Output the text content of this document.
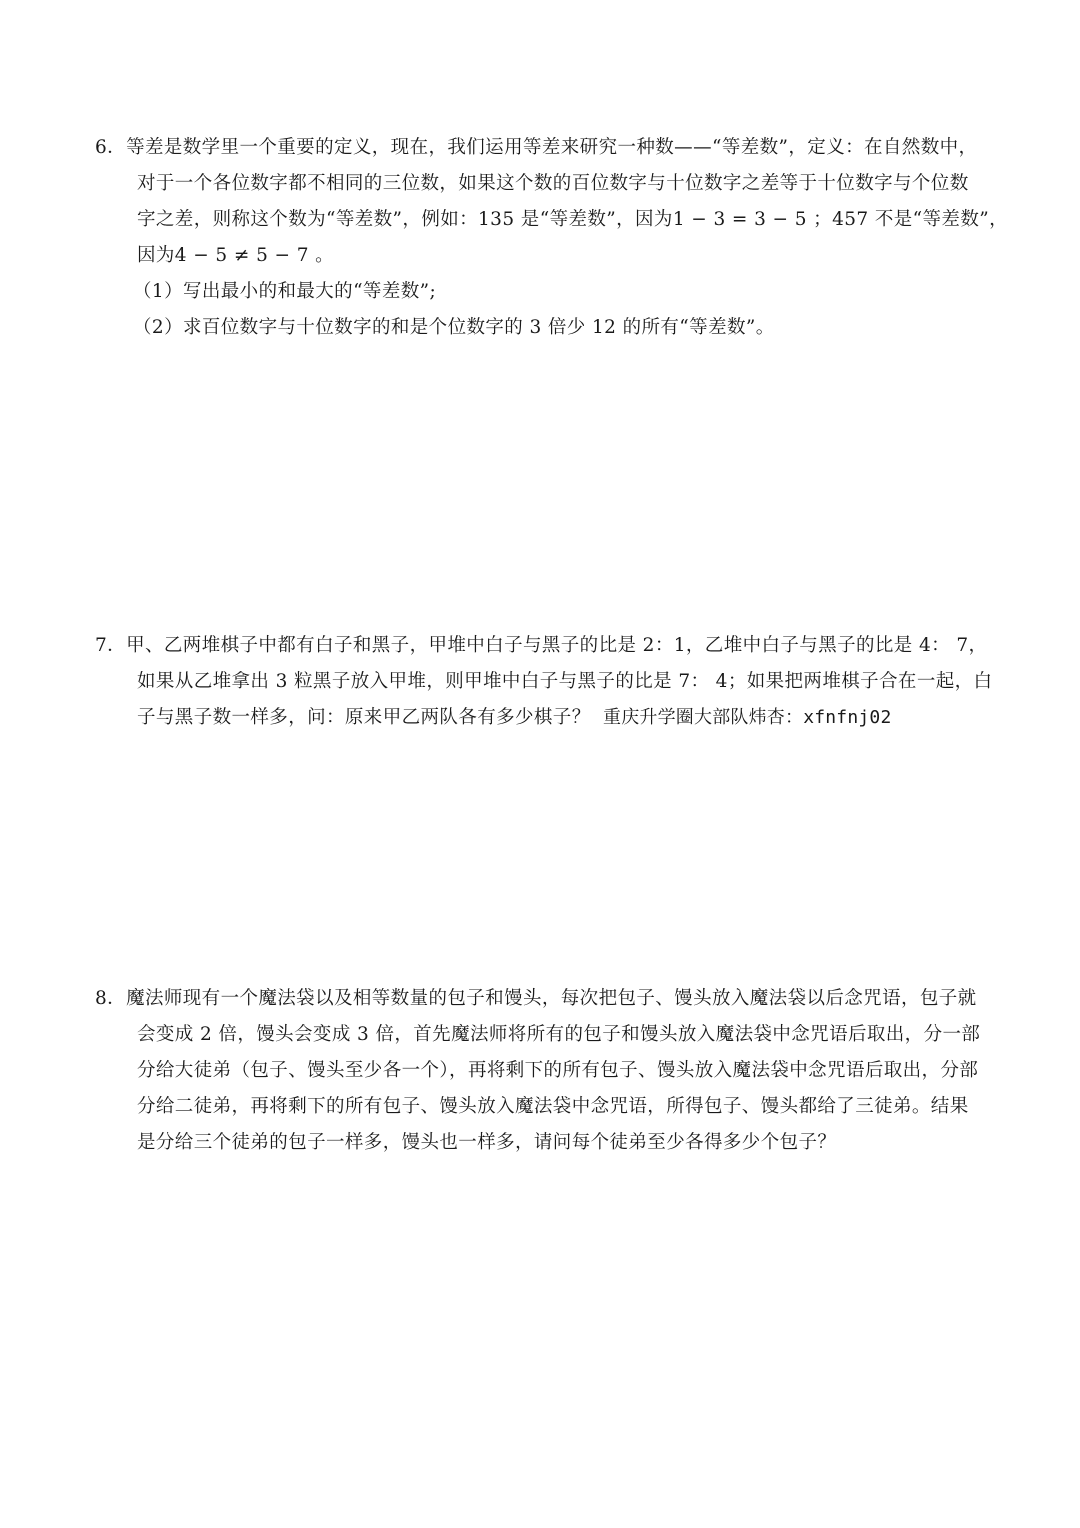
6．等差是数学里一个重要的定义，现在，我们运用等差来研究一种数——“等差数”，定义：在自然数中，
对于一个各位数字都不相同的三位数，如果这个数的百位数字与十位数字之差等于十位数字与个位数
字之差，则称这个数为“等差数”，例如：135 是“等差数”，因为1 − 3 = 3 − 5 ；457 不是“等差数”，
因为4 − 5 ≠ 5 − 7 。
（1）写出最小的和最大的“等差数”;
（2）求百位数字与十位数字的和是个位数字的 3 倍少 12 的所有“等差数”。
7．甲、乙两堆棋子中都有白子和黑子，甲堆中白子与黑子的比是 2：1，乙堆中白子与黑子的比是 4： 7，
如果从乙堆拿出 3 粒黑子放入甲堆，则甲堆中白子与黑子的比是 7： 4；如果把两堆棋子合在一起，白
子与黑子数一样多，问：原来甲乙两队各有多少棋子？ 重庆升学圈大部队炜杏：xfnfnj02
8．魔法师现有一个魔法袋以及相等数量的包子和馒头，每次把包子、馒头放入魔法袋以后念咒语，包子就
会变成 2 倍，馒头会变成 3 倍，首先魔法师将所有的包子和馒头放入魔法袋中念咒语后取出，分一部
分给大徒弟（包子、馒头至少各一个），再将剩下的所有包子、馒头放入魔法袋中念咒语后取出，分部
分给二徒弟，再将剩下的所有包子、馒头放入魔法袋中念咒语，所得包子、馒头都给了三徒弟。结果
是分给三个徒弟的包子一样多，馒头也一样多，请问每个徒弟至少各得多少个包子？
